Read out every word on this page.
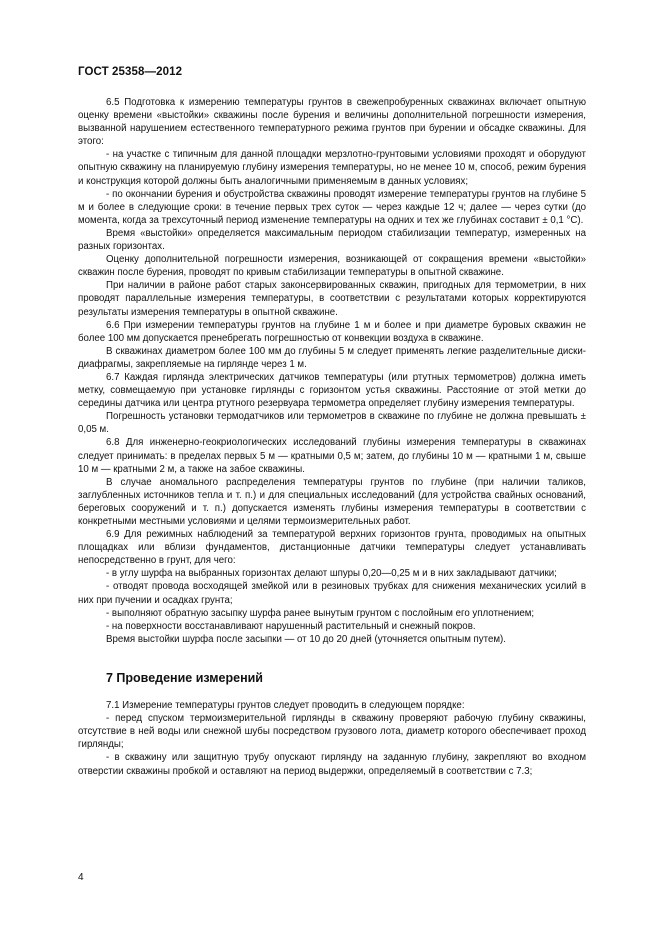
ГОСТ 25358—2012

6.5 Подготовка к измерению температуры грунтов в свежепробуренных скважинах включает опытную оценку времени «выстойки» скважины после бурения и величины дополнительной погрешности измерения, вызванной нарушением естественного температурного режима грунтов при бурении и обсадке скважины. Для этого:

- на участке с типичным для данной площадки мерзлотно-грунтовыми условиями проходят и оборудуют опытную скважину на планируемую глубину измерения температуры, но не менее 10 м, способ, режим бурения и конструкция которой должны быть аналогичными применяемым в данных условиях;

- по окончании бурения и обустройства скважины проводят измерение температуры грунтов на глубине 5 м и более в следующие сроки: в течение первых трех суток — через каждые 12 ч; далее — через сутки (до момента, когда за трехсуточный период изменение температуры на одних и тех же глубинах составит ± 0,1 °С).

Время «выстойки» определяется максимальным периодом стабилизации температур, измеренных на разных горизонтах.

Оценку дополнительной погрешности измерения, возникающей от сокращения времени «выстойки» скважин после бурения, проводят по кривым стабилизации температуры в опытной скважине.

При наличии в районе работ старых законсервированных скважин, пригодных для термометрии, в них проводят параллельные измерения температуры, в соответствии с результатами которых корректируются результаты измерения температуры в опытной скважине.

6.6 При измерении температуры грунтов на глубине 1 м и более и при диаметре буровых скважин не более 100 мм допускается пренебрегать погрешностью от конвекции воздуха в скважине.

В скважинах диаметром более 100 мм до глубины 5 м следует применять легкие разделительные диски-диафрагмы, закрепляемые на гирлянде через 1 м.

6.7 Каждая гирлянда электрических датчиков температуры (или ртутных термометров) должна иметь метку, совмещаемую при установке гирлянды с горизонтом устья скважины. Расстояние от этой метки до середины датчика или центра ртутного резервуара термометра определяет глубину измерения температуры.

Погрешность установки термодатчиков или термометров в скважине по глубине не должна превышать ± 0,05 м.

6.8 Для инженерно-геокриологических исследований глубины измерения температуры в скважинах следует принимать: в пределах первых 5 м — кратными 0,5 м; затем, до глубины 10 м — кратными 1 м, свыше 10 м — кратными 2 м, а также на забое скважины.

В случае аномального распределения температуры грунтов по глубине (при наличии таликов, заглубленных источников тепла и т. п.) и для специальных исследований (для устройства свайных оснований, береговых сооружений и т. п.) допускается изменять глубины измерения температуры в соответствии с конкретными местными условиями и целями термоизмерительных работ.

6.9 Для режимных наблюдений за температурой верхних горизонтов грунта, проводимых на опытных площадках или вблизи фундаментов, дистанционные датчики температуры следует устанавливать непосредственно в грунт, для чего:

- в углу шурфа на выбранных горизонтах делают шпуры 0,20—0,25 м и в них закладывают датчики;

- отводят провода восходящей змейкой или в резиновых трубках для снижения механических усилий в них при пучении и осадках грунта;

- выполняют обратную засыпку шурфа ранее вынутым грунтом с послойным его уплотнением;

- на поверхности восстанавливают нарушенный растительный и снежный покров.

Время выстойки шурфа после засыпки — от 10 до 20 дней (уточняется опытным путем).

7 Проведение измерений

7.1 Измерение температуры грунтов следует проводить в следующем порядке:

- перед спуском термоизмерительной гирлянды в скважину проверяют рабочую глубину скважины, отсутствие в ней воды или снежной шубы посредством грузового лота, диаметр которого обеспечивает проход гирлянды;

- в скважину или защитную трубу опускают гирлянду на заданную глубину, закрепляют во входном отверстии скважины пробкой и оставляют на период выдержки, определяемый в соответствии с 7.3;

4
